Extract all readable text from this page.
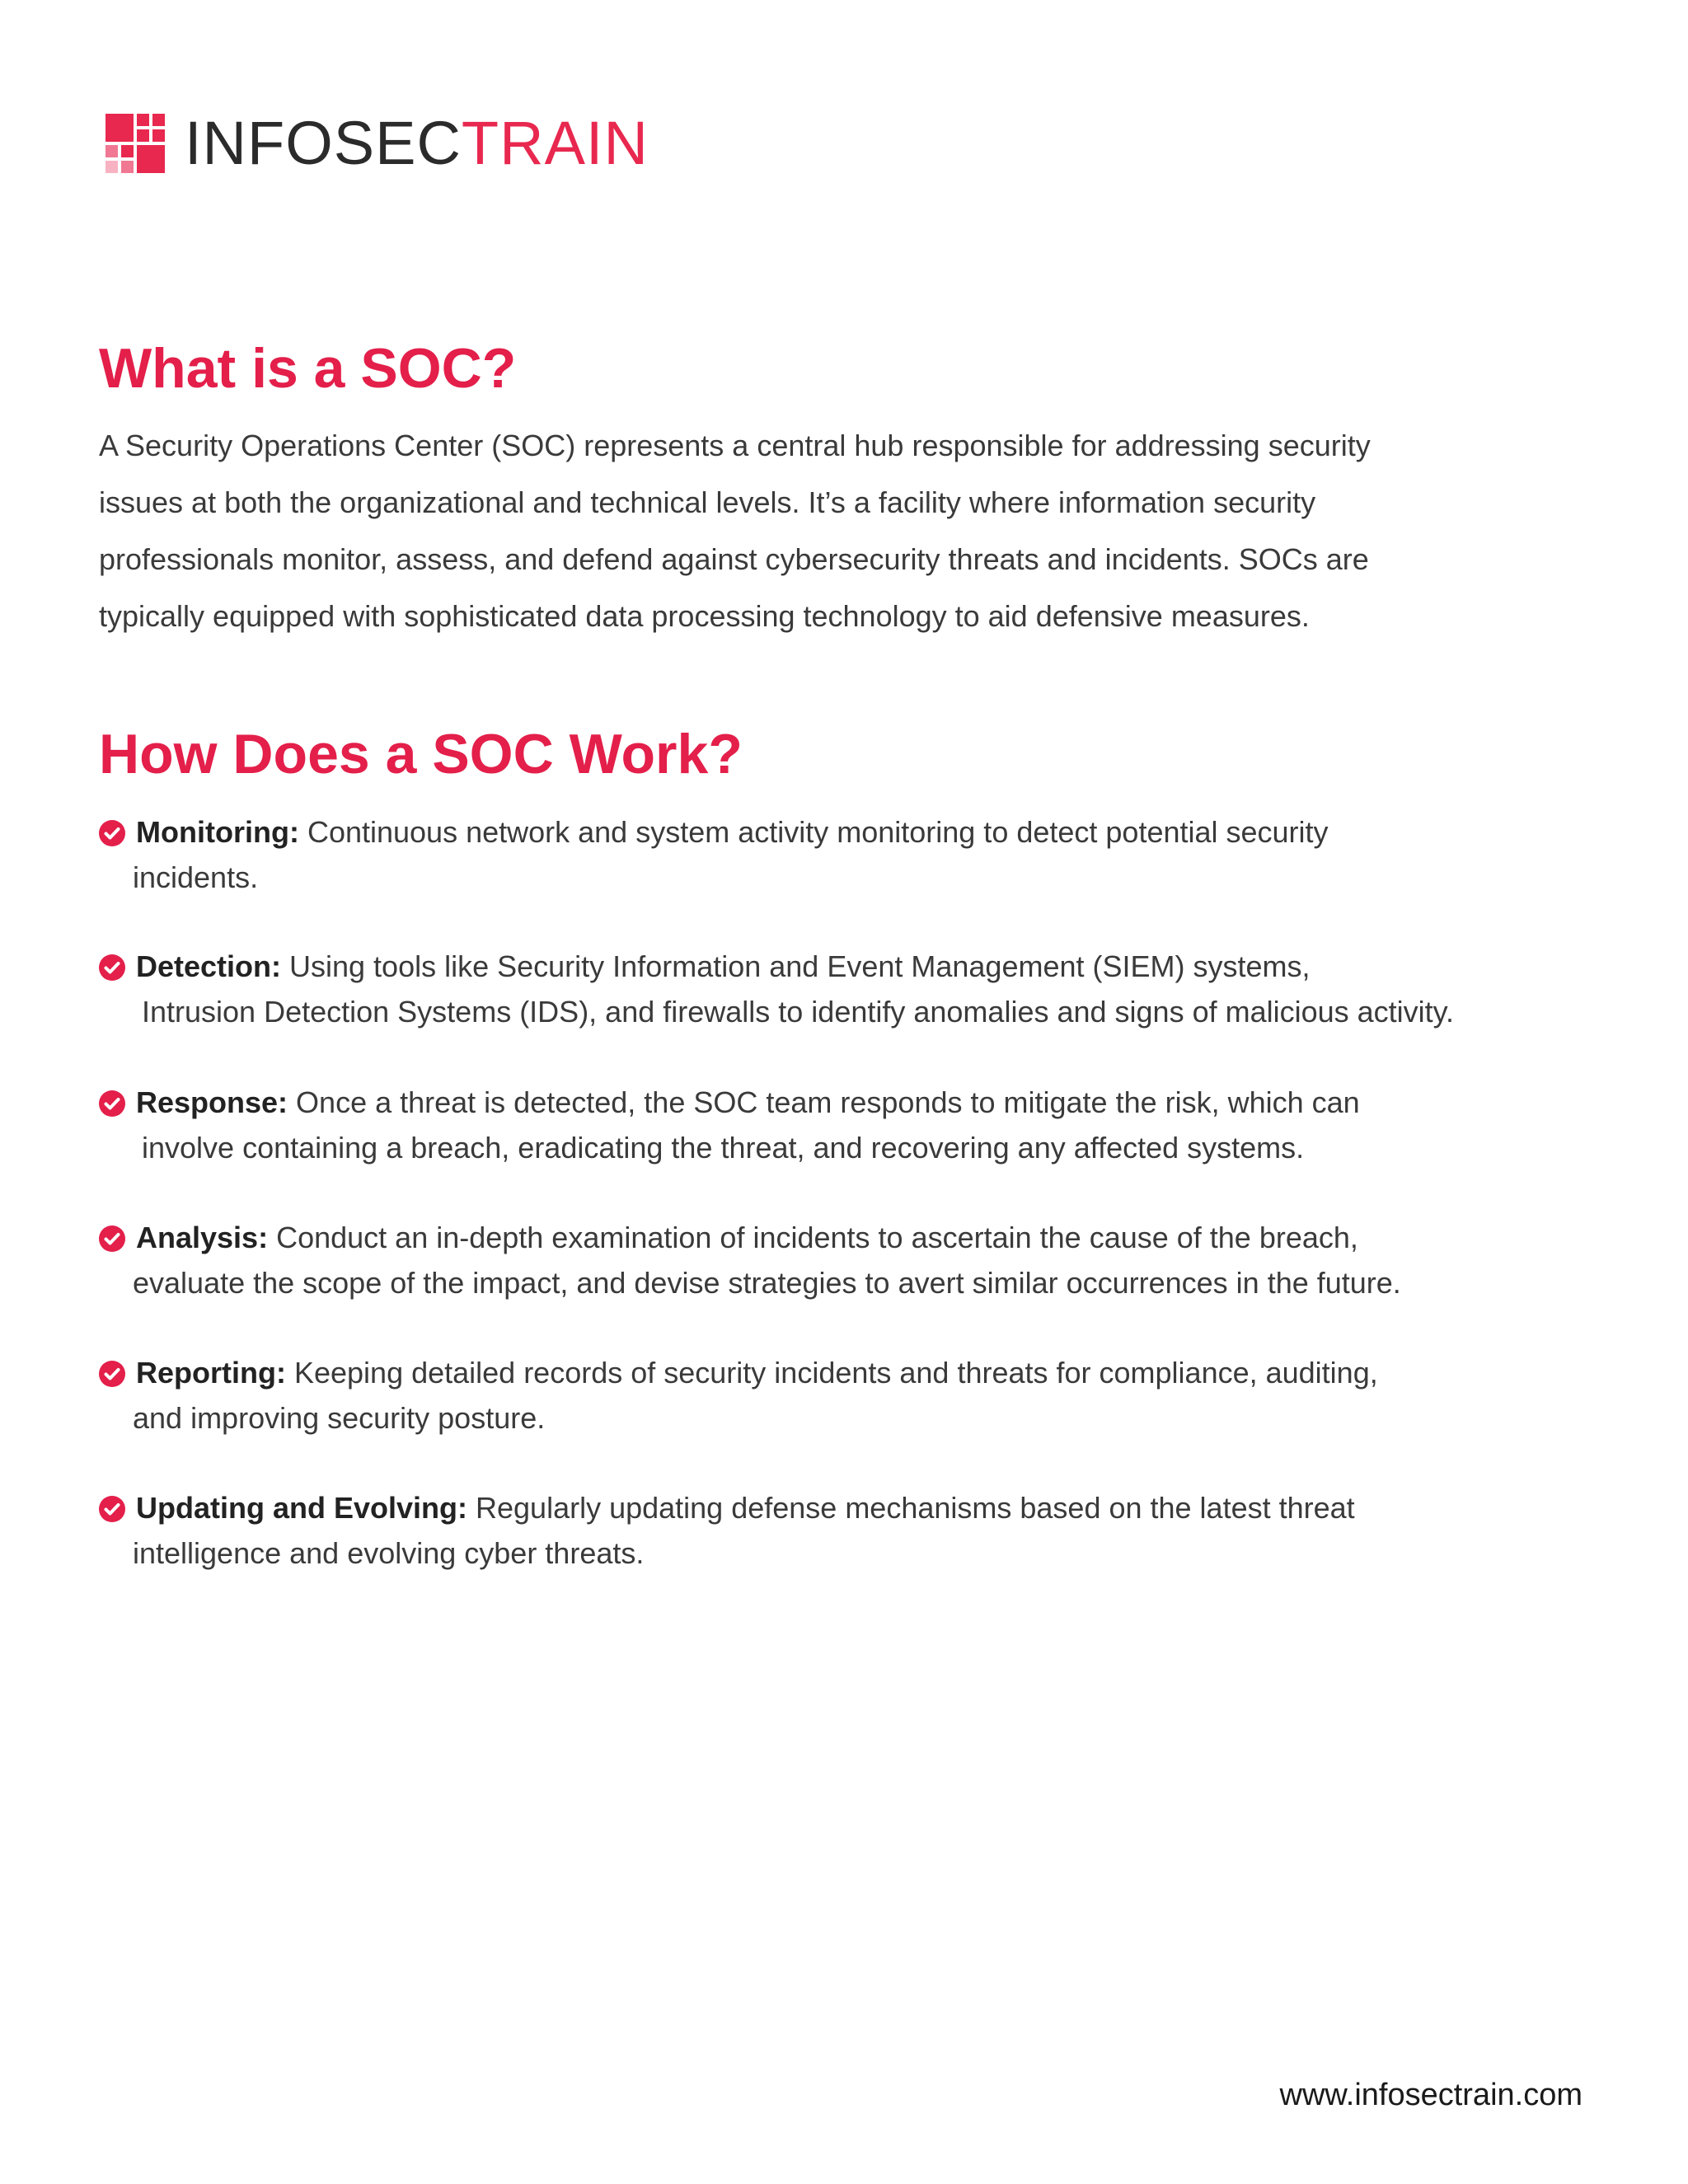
INFOSECTRAIN
What is a SOC?

A Security Operations Center (SOC) represents a central hub responsible for addressing security
issues at both the organizational and technical levels. It’s a facility where information security
professionals monitor, assess, and defend against cybersecurity threats and incidents. SOCs are
typically equipped with sophisticated data processing technology to aid defensive measures.

How Does a SOC Work?
Monitoring: Continuous network and system activity monitoring to detect potential security
incidents.
Detection: Using tools like Security Information and Event Management (SIEM) systems,
Intrusion Detection Systems (IDS), and firewalls to identify anomalies and signs of malicious activity.
Response: Once a threat is detected, the SOC team responds to mitigate the risk, which can
involve containing a breach, eradicating the threat, and recovering any affected systems.
Analysis: Conduct an in-depth examination of incidents to ascertain the cause of the breach,
evaluate the scope of the impact, and devise strategies to avert similar occurrences in the future.
Reporting: Keeping detailed records of security incidents and threats for compliance, auditing,
and improving security posture.
Updating and Evolving: Regularly updating defense mechanisms based on the latest threat
intelligence and evolving cyber threats.
www.infosectrain.com
